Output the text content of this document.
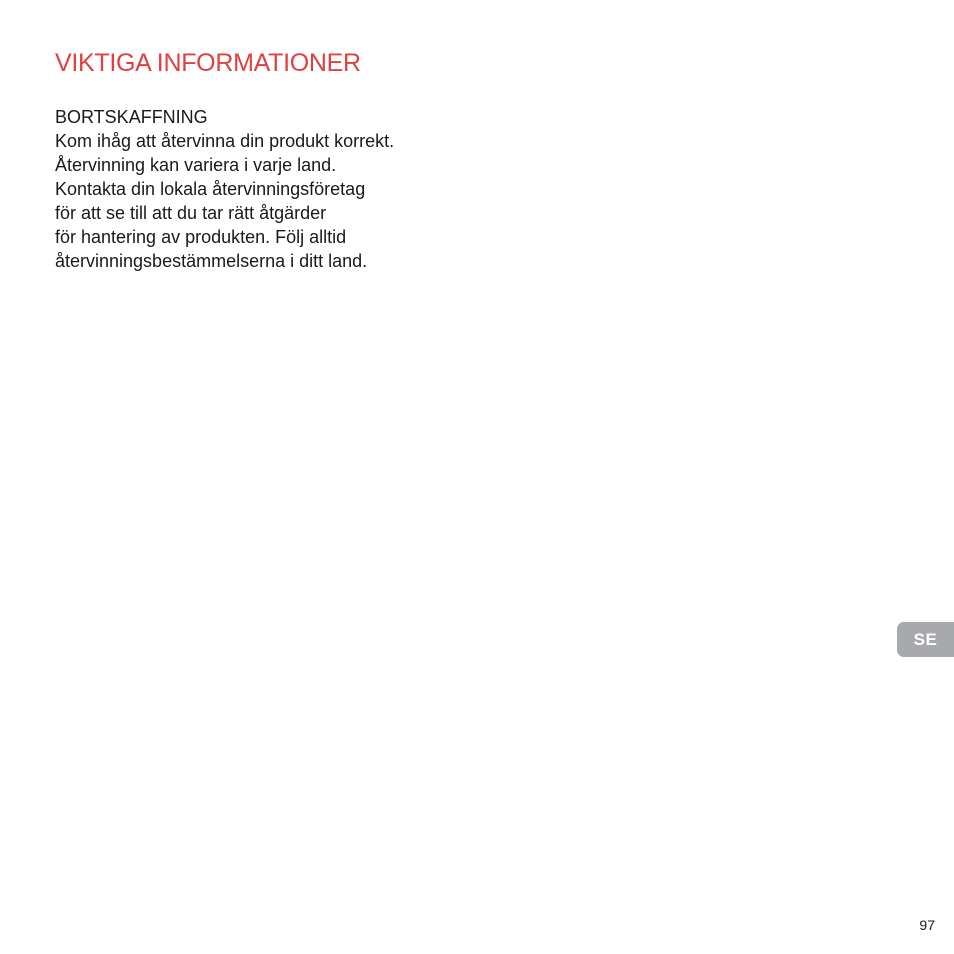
VIKTIGA INFORMATIONER
BORTSKAFFNING

Kom ihåg att återvinna din produkt korrekt.
Återvinning kan variera i varje land.
Kontakta din lokala återvinningsföretag
för att se till att du tar rätt åtgärder
för hantering av produkten. Följ alltid
återvinningsbestämmelserna i ditt land.

SE
97
